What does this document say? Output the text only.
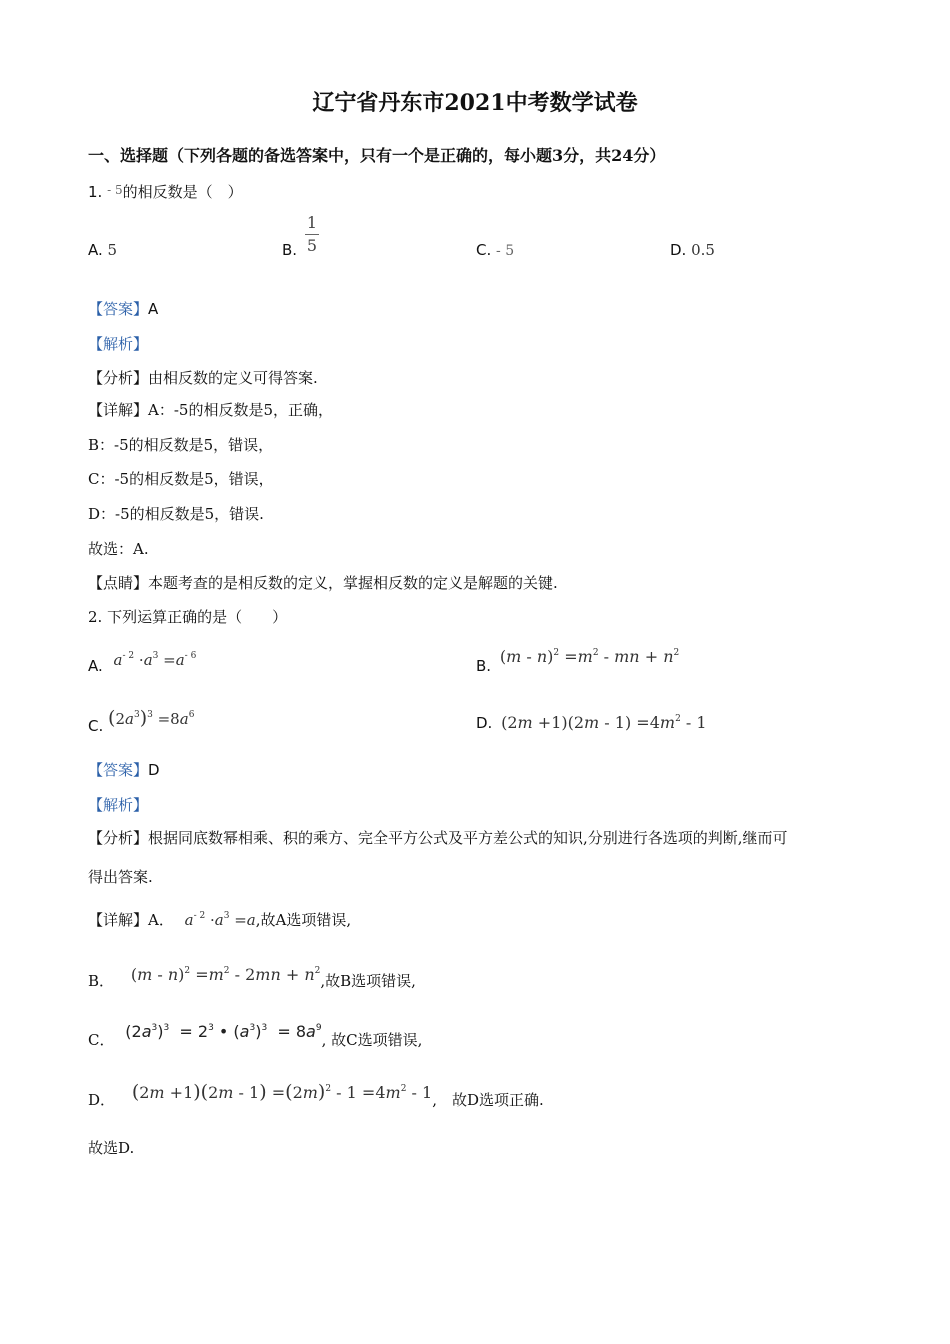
辽宁省丹东市2021中考数学试卷
一、选择题（下列各题的备选答案中，只有一个是正确的，每小题3分，共24分）
1. $^{- 5}$的相反数是（　）
A. 5	B.
1
5	C. - 5	D. 0.5
【答案】A
【解析】
【分析】由相反数的定义可得答案.
【详解】A：-5的相反数是5，正确，
B：-5的相反数是5，错误，
C：-5的相反数是5，错误，
D：-5的相反数是5，错误.
故选：A.
【点睛】本题考查的是相反数的定义，掌握相反数的定义是解题的关键.
2. 下列运算正确的是（　　）
A. $a^{- 2} \cdot a^3 =a^{- 6}$
B. $(m - n)^2 =m^2$ - mn + $n^2$
C. $(2a^3)^3 =8a^6$	D. $(2m +1)(2m - 1) =4m^2 - 1$
【答案】D
【解析】
【分析】根据同底数幂相乘、积的乘方、完全平方公式及平方差公式的知识,分别进行各选项的判断,继而可
得出答案.
【详解】A． $a^{- 2} \cdot a^3 =a$,故A选项错误,
B． $(m - n)^2 =m^2 - 2mn + n^2$,故B选项错误,
C． $(2a^3)^3 = 2^3$ • $(a^3)^3 = 8a^9$, 故C选项错误,
D． $(2m +1)(2m - 1) =(2m)^2 - 1 =4m^2 - 1$,　故D选项正确.
故选D.
